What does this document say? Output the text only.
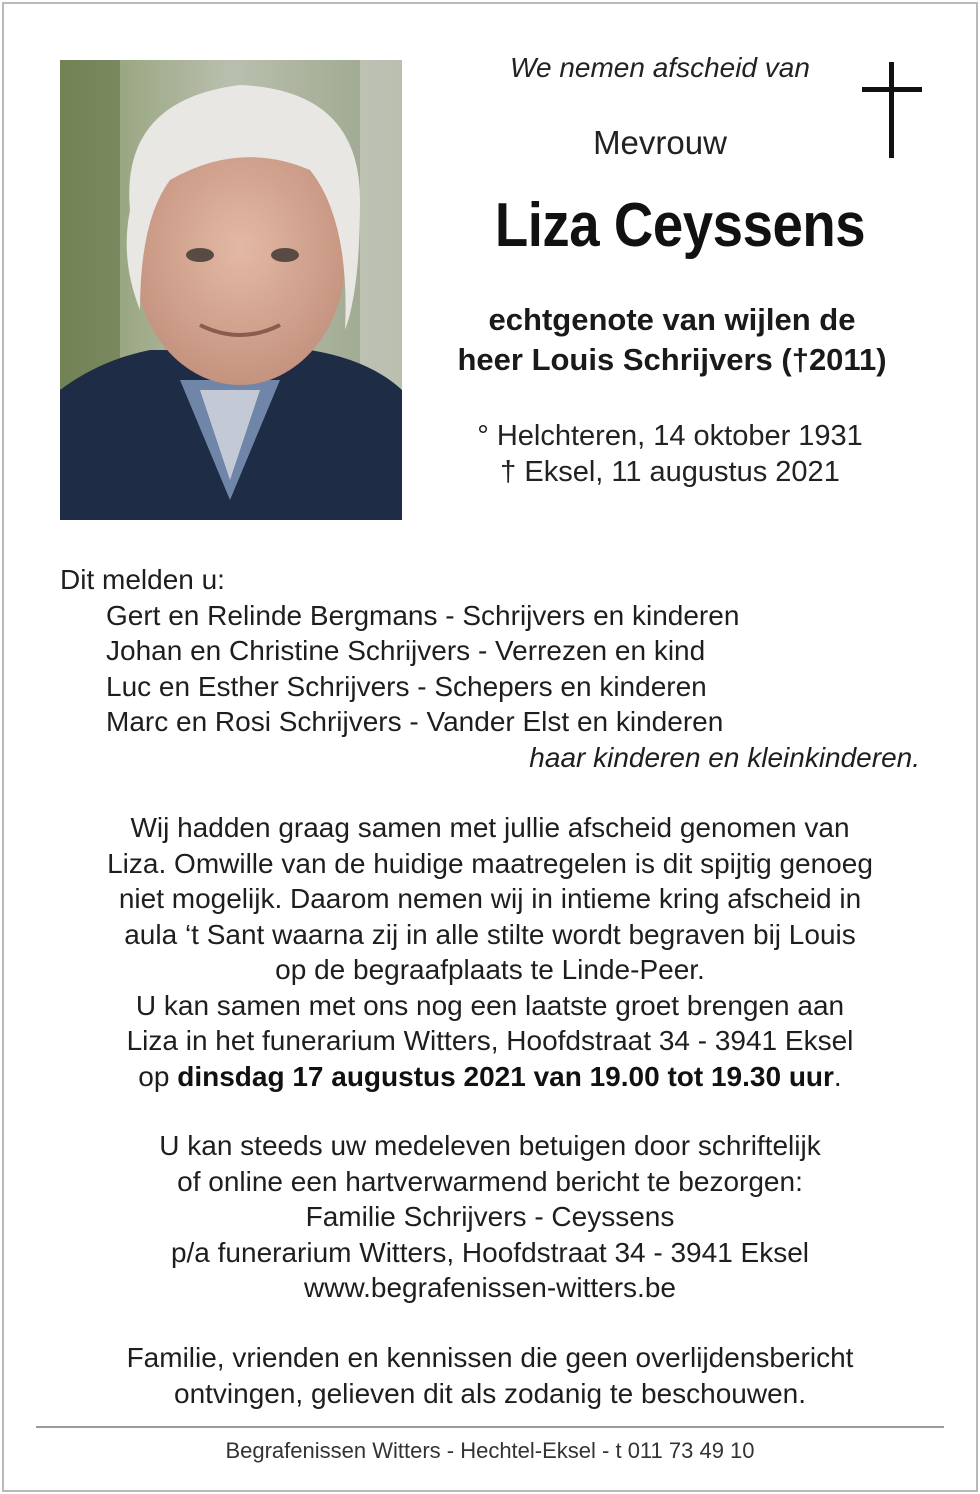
We nemen afscheid van
Mevrouw
Liza Ceyssens
echtgenote van wijlen de
heer Louis Schrijvers (†2011)
° Helchteren, 14 oktober 1931
† Eksel, 11 augustus 2021
Dit melden u:
Gert en Relinde Bergmans - Schrijvers en kinderen
Johan en Christine Schrijvers - Verrezen en kind
Luc en Esther Schrijvers - Schepers en kinderen
Marc en Rosi Schrijvers - Vander Elst en kinderen
haar kinderen en kleinkinderen.
Wij hadden graag samen met jullie afscheid genomen van
Liza. Omwille van de huidige maatregelen is dit spijtig genoeg
niet mogelijk. Daarom nemen wij in intieme kring afscheid in
aula ‘t Sant waarna zij in alle stilte wordt begraven bij Louis
op de begraafplaats te Linde-Peer.
U kan samen met ons nog een laatste groet brengen aan
Liza in het funerarium Witters, Hoofdstraat 34 - 3941 Eksel
op dinsdag 17 augustus 2021 van 19.00 tot 19.30 uur.
U kan steeds uw medeleven betuigen door schriftelijk
of online een hartverwarmend bericht te bezorgen:
Familie Schrijvers - Ceyssens
p/a funerarium Witters, Hoofdstraat 34 - 3941 Eksel
www.begrafenissen-witters.be
Familie, vrienden en kennissen die geen overlijdensbericht
ontvingen, gelieven dit als zodanig te beschouwen.
Begrafenissen Witters - Hechtel-Eksel - t 011 73 49 10
